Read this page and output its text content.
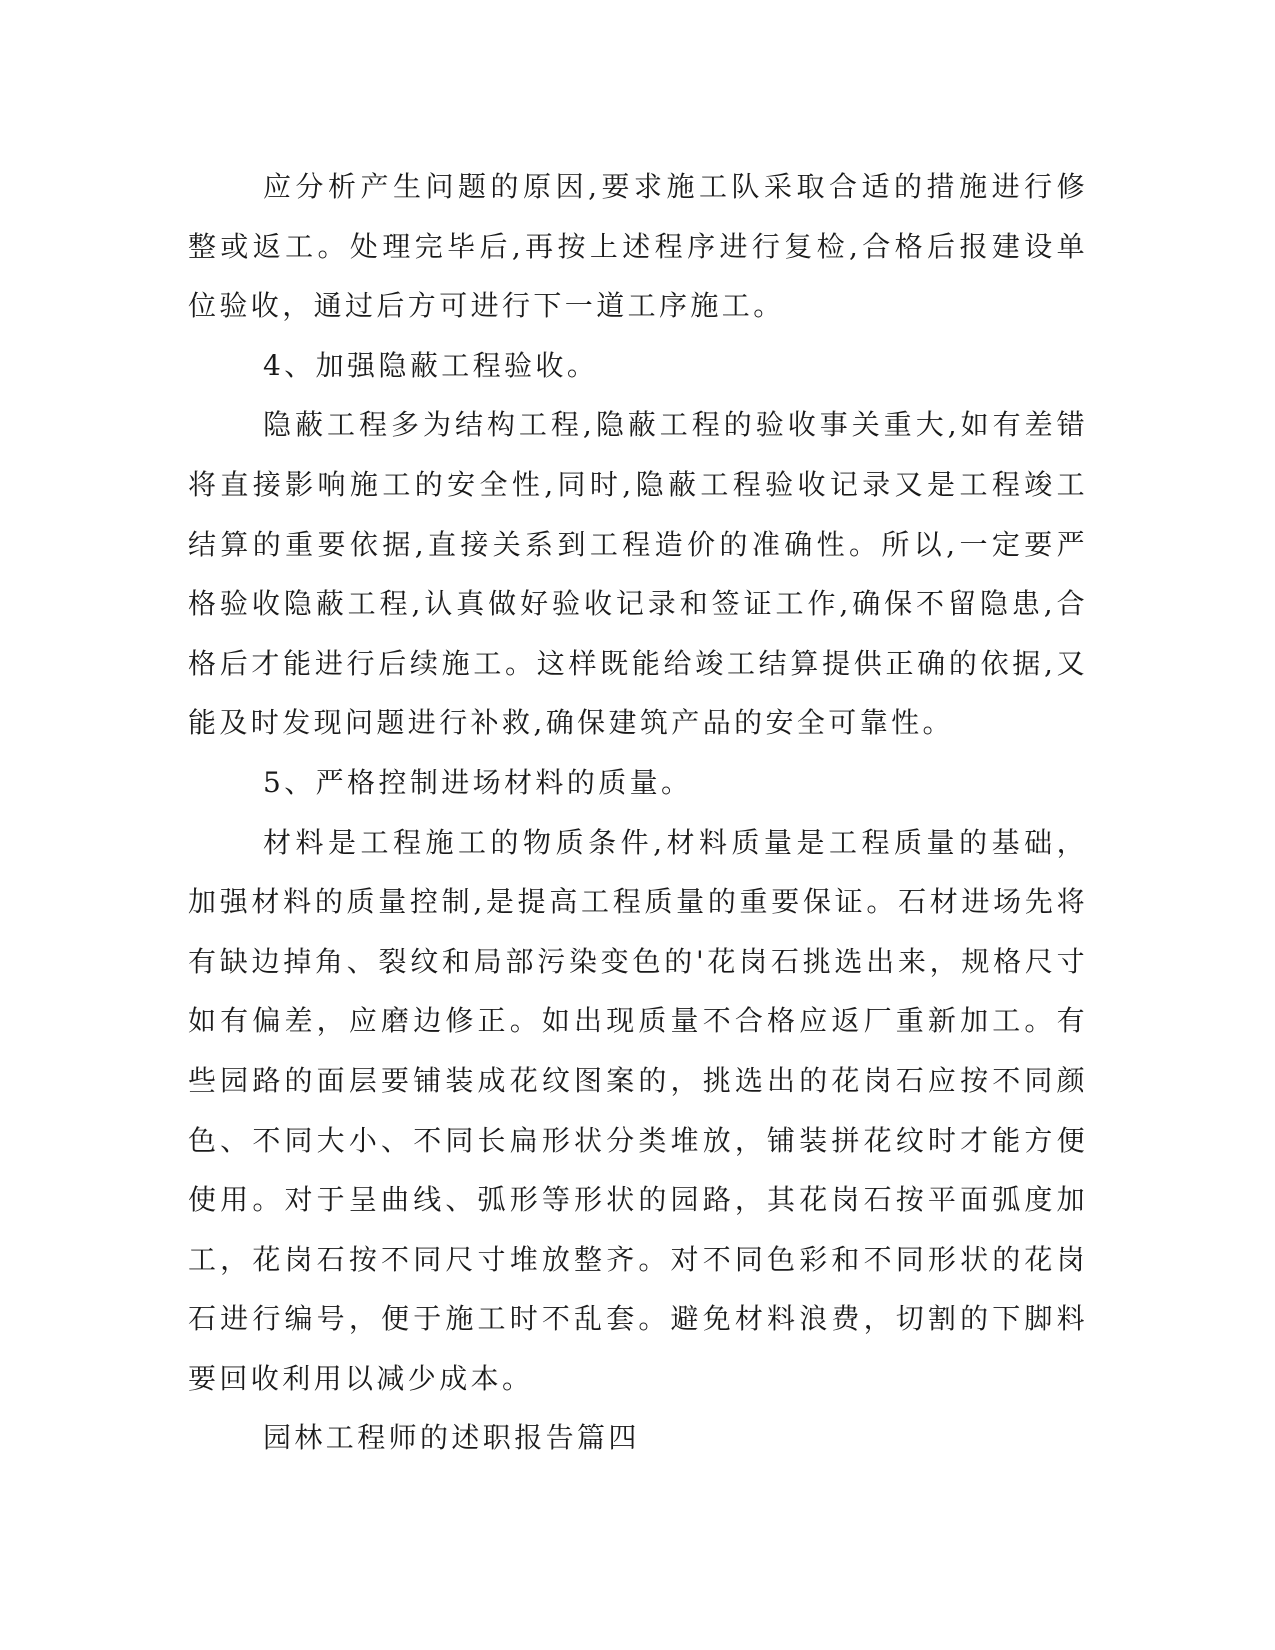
应分析产生问题的原因,要求施工队采取合适的措施进行修整或返工。处理完毕后,再按上述程序进行复检,合格后报建设单位验收，通过后方可进行下一道工序施工。

4、加强隐蔽工程验收。

隐蔽工程多为结构工程,隐蔽工程的验收事关重大,如有差错将直接影响施工的安全性,同时,隐蔽工程验收记录又是工程竣工结算的重要依据,直接关系到工程造价的准确性。所以,一定要严格验收隐蔽工程,认真做好验收记录和签证工作,确保不留隐患,合格后才能进行后续施工。这样既能给竣工结算提供正确的依据,又能及时发现问题进行补救,确保建筑产品的安全可靠性。

5、严格控制进场材料的质量。

材料是工程施工的物质条件,材料质量是工程质量的基础，加强材料的质量控制,是提高工程质量的重要保证。石材进场先将有缺边掉角、裂纹和局部污染变色的'花岗石挑选出来，规格尺寸如有偏差，应磨边修正。如出现质量不合格应返厂重新加工。有些园路的面层要铺装成花纹图案的，挑选出的花岗石应按不同颜色、不同大小、不同长扁形状分类堆放，铺装拼花纹时才能方便使用。对于呈曲线、弧形等形状的园路，其花岗石按平面弧度加工，花岗石按不同尺寸堆放整齐。对不同色彩和不同形状的花岗石进行编号，便于施工时不乱套。避免材料浪费，切割的下脚料要回收利用以减少成本。

园林工程师的述职报告篇四
